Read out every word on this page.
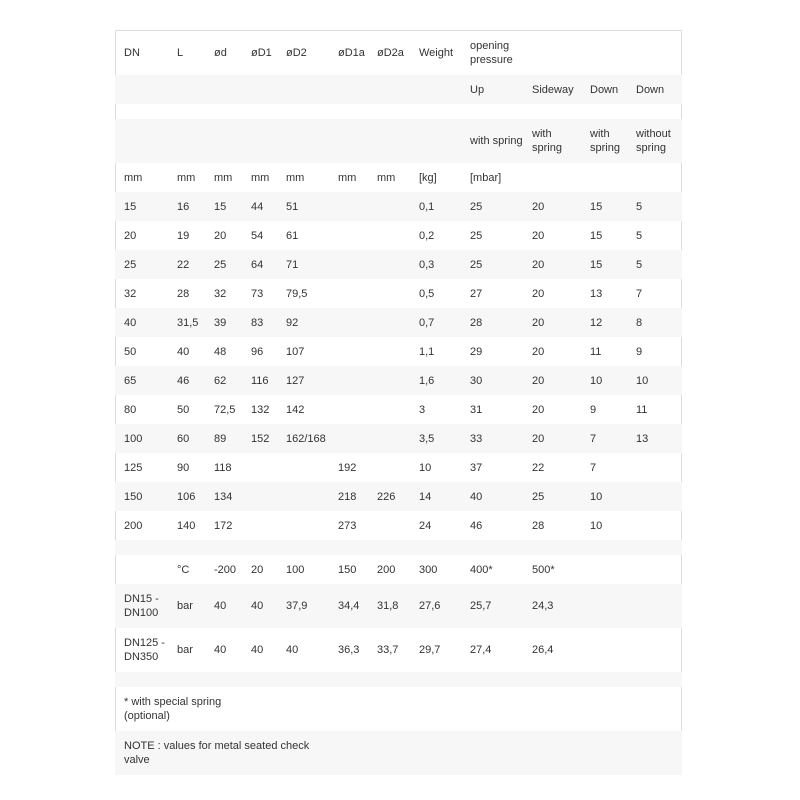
DN	L	ød	øD1	øD2	øD1a	øD2a	Weight	opening pressure			
								Up	Sideway	Down	Down

								with spring	with spring	with spring	without spring
mm	mm	mm	mm	mm	mm	mm	[kg]	[mbar]			
15	16	15	44	51			0,1	25	20	15	5
20	19	20	54	61			0,2	25	20	15	5
25	22	25	64	71			0,3	25	20	15	5
32	28	32	73	79,5			0,5	27	20	13	7
40	31,5	39	83	92			0,7	28	20	12	8
50	40	48	96	107			1,1	29	20	11	9
65	46	62	116	127			1,6	30	20	10	10
80	50	72,5	132	142			3	31	20	9	11
100	60	89	152	162/168			3,5	33	20	7	13
125	90	118			192		10	37	22	7	
150	106	134			218	226	14	40	25	10	
200	140	172			273		24	46	28	10	

	°C	-200	20	100	150	200	300	400*	500*		
DN15 - DN100	bar	40	40	37,9	34,4	31,8	27,6	25,7	24,3		
DN125 - DN350	bar	40	40	40	36,3	33,7	29,7	27,4	26,4		

* with special spring (optional)											
NOTE : values for metal seated check valve											
